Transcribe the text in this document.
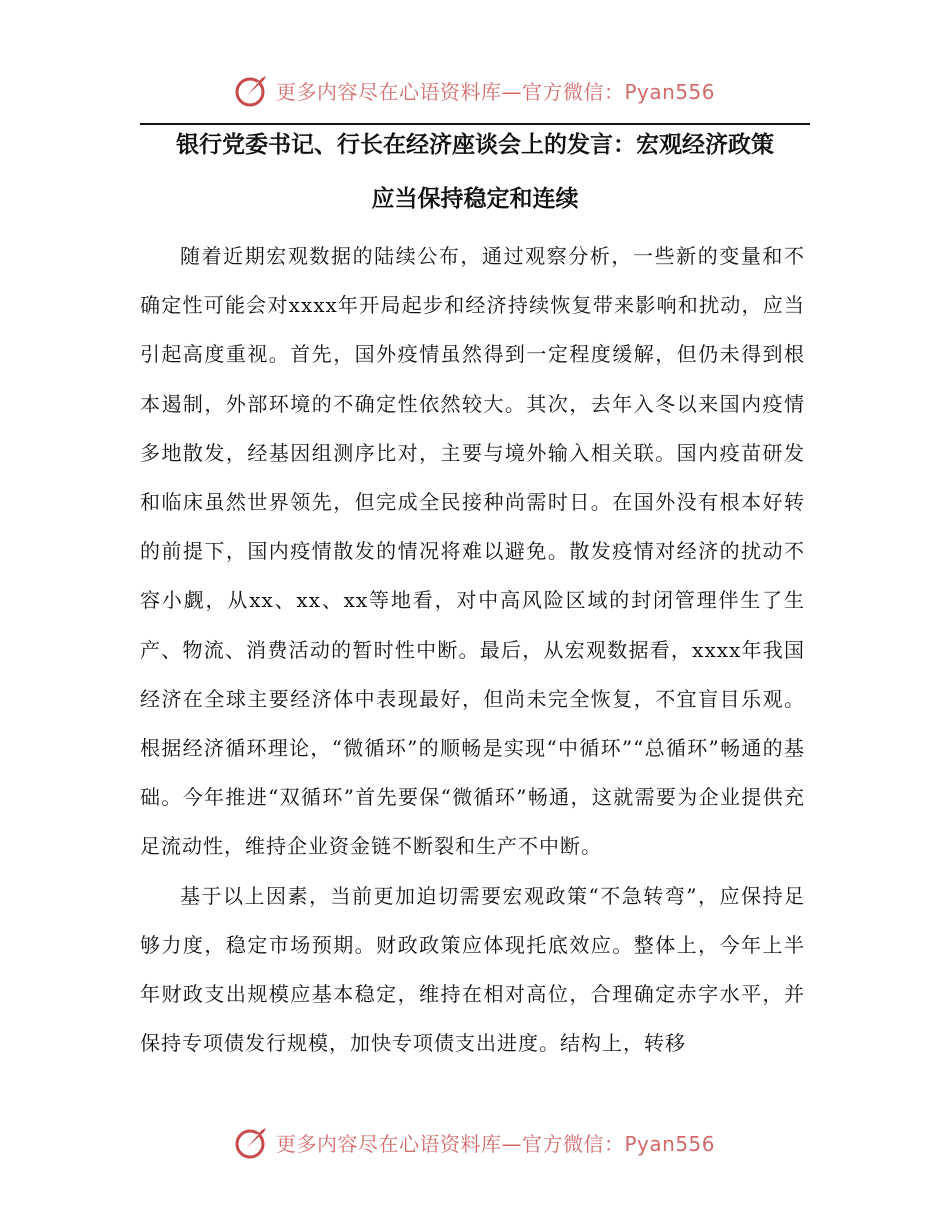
更多内容尽在心语资料库—官方微信：Pyan556
银行党委书记、行长在经济座谈会上的发言：宏观经济政策
应当保持稳定和连续

随着近期宏观数据的陆续公布，通过观察分析，一些新的变量和不确定性可能会对xxxx年开局起步和经济持续恢复带来影响和扰动，应当引起高度重视。首先，国外疫情虽然得到一定程度缓解，但仍未得到根本遏制，外部环境的不确定性依然较大。其次，去年入冬以来国内疫情多地散发，经基因组测序比对，主要与境外输入相关联。国内疫苗研发和临床虽然世界领先，但完成全民接种尚需时日。在国外没有根本好转的前提下，国内疫情散发的情况将难以避免。散发疫情对经济的扰动不容小觑，从xx、xx、xx等地看，对中高风险区域的封闭管理伴生了生产、物流、消费活动的暂时性中断。最后，从宏观数据看，xxxx年我国经济在全球主要经济体中表现最好，但尚未完全恢复，不宜盲目乐观。根据经济循环理论，“微循环”的顺畅是实现“中循环”“总循环”畅通的基础。今年推进“双循环”首先要保“微循环”畅通，这就需要为企业提供充足流动性，维持企业资金链不断裂和生产不中断。

基于以上因素，当前更加迫切需要宏观政策“不急转弯”，应保持足够力度，稳定市场预期。财政政策应体现托底效应。整体上，今年上半年财政支出规模应基本稳定，维持在相对高位，合理确定赤字水平，并保持专项债发行规模，加快专项债支出进度。结构上，转移

更多内容尽在心语资料库—官方微信：Pyan556
